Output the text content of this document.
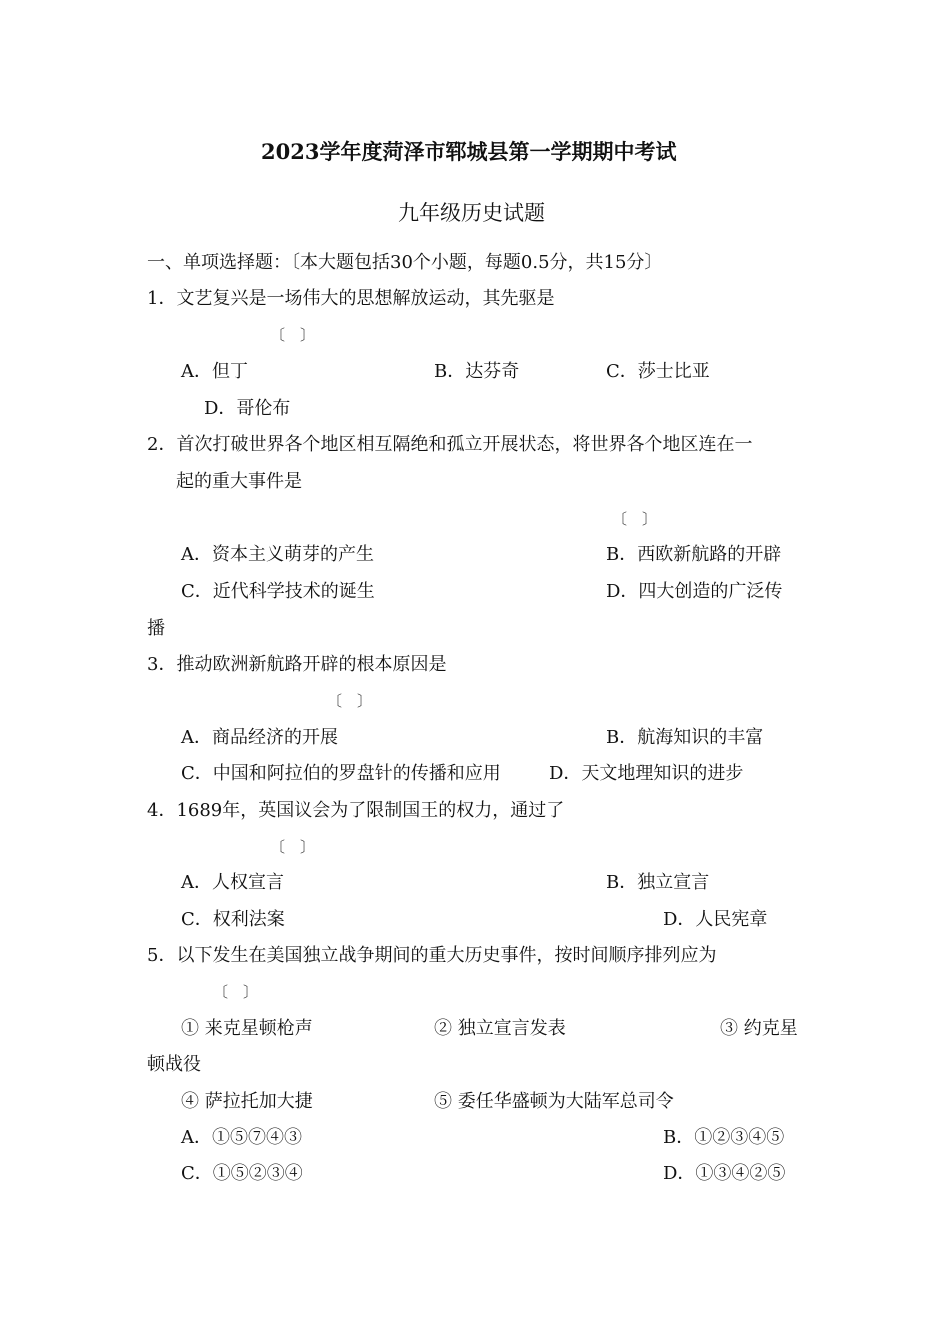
2023学年度菏泽市郓城县第一学期期中考试
九年级历史试题
一、单项选择题：〔本大题包括30个小题，每题0.5分，共15分〕
1．文艺复兴是一场伟大的思想解放运动，其先驱是
〔　〕
A．但丁	B．达芬奇	C．莎士比亚
D．哥伦布
2．首次打破世界各个地区相互隔绝和孤立开展状态，将世界各个地区连在一
起的重大事件是
〔　〕
A．资本主义萌芽的产生	B．西欧新航路的开辟
C．近代科学技术的诞生	D．四大创造的广泛传
播
3．推动欧洲新航路开辟的根本原因是
〔　〕
A．商品经济的开展	B．航海知识的丰富
C．中国和阿拉伯的罗盘针的传播和应用	D．天文地理知识的进步
4．1689年，英国议会为了限制国王的权力，通过了
〔　〕
A．人权宣言	B．独立宣言
C．权利法案	D．人民宪章
5．以下发生在美国独立战争期间的重大历史事件，按时间顺序排列应为
〔　〕
① 来克星顿枪声	② 独立宣言发表	③ 约克星
顿战役
④ 萨拉托加大捷	⑤ 委任华盛顿为大陆军总司令
A．①⑤⑦④③	B．①②③④⑤
C．①⑤②③④	D．①③④②⑤
